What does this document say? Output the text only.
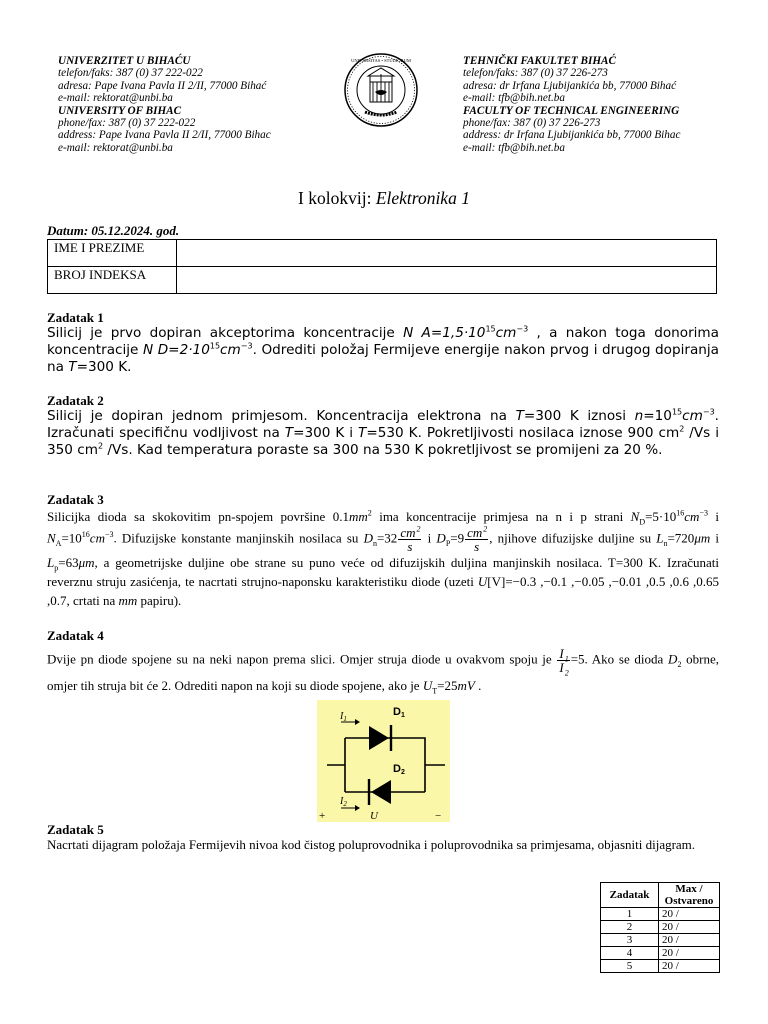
UNIVERZITET U BIHAĆU
telefon/faks: 387 (0) 37 222-022
adresa: Pape Ivana Pavla II 2/II, 77000 Bihać
e-mail: rektorat@unbi.ba
UNIVERSITY OF BIHAC
phone/fax: 387 (0) 37 222-022
address: Pape Ivana Pavla II 2/II, 77000 Bihac
e-mail: rektorat@unbi.ba
UNIVERSITAS • STUDIORUM	TEHNIČKI FAKULTET BIHAĆ
telefon/faks: 387 (0) 37 226-273
adresa: dr Irfana Ljubijankića bb, 77000 Bihać
e-mail: tfb@bih.net.ba
FACULTY OF TECHNICAL ENGINEERING
phone/fax: 387 (0) 37 226-273
address: dr Irfana Ljubijankića bb, 77000 Bihac
e-mail: tfb@bih.net.ba
I kolokvij: Elektronika 1
Datum: 05.12.2024. god.
IME I PREZIME	
BROJ INDEKSA	
Zadatak 1
Silicij je prvo dopiran akceptorima koncentracije N $A=1,5\cdot 10^{15}cm^{-3}$ , a nakon toga donorima koncentracije N $D=2\cdot 10^{15}cm^{-3}$. Odrediti položaj Fermijeve energije nakon prvog i drugog dopiranja na T=300 K.
Zadatak 2
Silicij je dopiran jednom primjesom. Koncentracija elektrona na T=300 K iznosi $n=10^{15}cm^{-3}$. Izračunati specifičnu vodljivost na T=300 K i T=530 K. Pokretljivosti nosilaca iznose 900 $cm^2$ /Vs i 350 $cm^2$ /Vs. Kad temperatura poraste sa 300 na 530 K pokretljivost se promijeni za 20 %.
Zadatak 3
Silicijka dioda sa skokovitim pn-spojem površine $0.1mm^2$ ima koncentracije primjesa na n i p strani $N_D=5\cdot 10^{16}cm^{-3}$ i $N_A=10^{16}cm^{-3}$. Difuzijske konstante manjinskih nosilaca su $D_n=32 \frac{cm^2}{s}$ i $D_P=9 \frac{cm^2}{s}$ , njihove difuzijske duljine su $L_n=720\mu m$ i $L_p=63\mu m$, a geometrijske duljine obe strane su puno veće od difuzijskih duljina manjinskih nosilaca. T=300 K. Izračunati reverznu struju zasićenja, te nacrtati strujno-naponsku karakteristiku diode (uzeti U[V]=−0.3 ,−0.1 ,−0.05 ,−0.01 ,0.5 ,0.6 ,0.65 ,0.7, crtati na mm papiru).
Zadatak 4
Dvije pn diode spojene su na neki napon prema slici. Omjer struja diode u ovakvom spoju je $\frac{I_1}{I_2} =5$. Ako se dioda $D_2$ obrne, omjer tih struja bit će 2. Odrediti napon na koji su diode spojene, ako je $U_T=25mV$ .
$I_1$
D1
D2
$I_2$
+	U	−
Zadatak 5
Nacrtati dijagram položaja Fermijevih nivoa kod čistog poluprovodnika i poluprovodnika sa primjesama, objasniti dijagram.
Zadatak	Max / Ostvareno
1	20 /
2	20 /
3	20 /
4	20 /
5	20 /
